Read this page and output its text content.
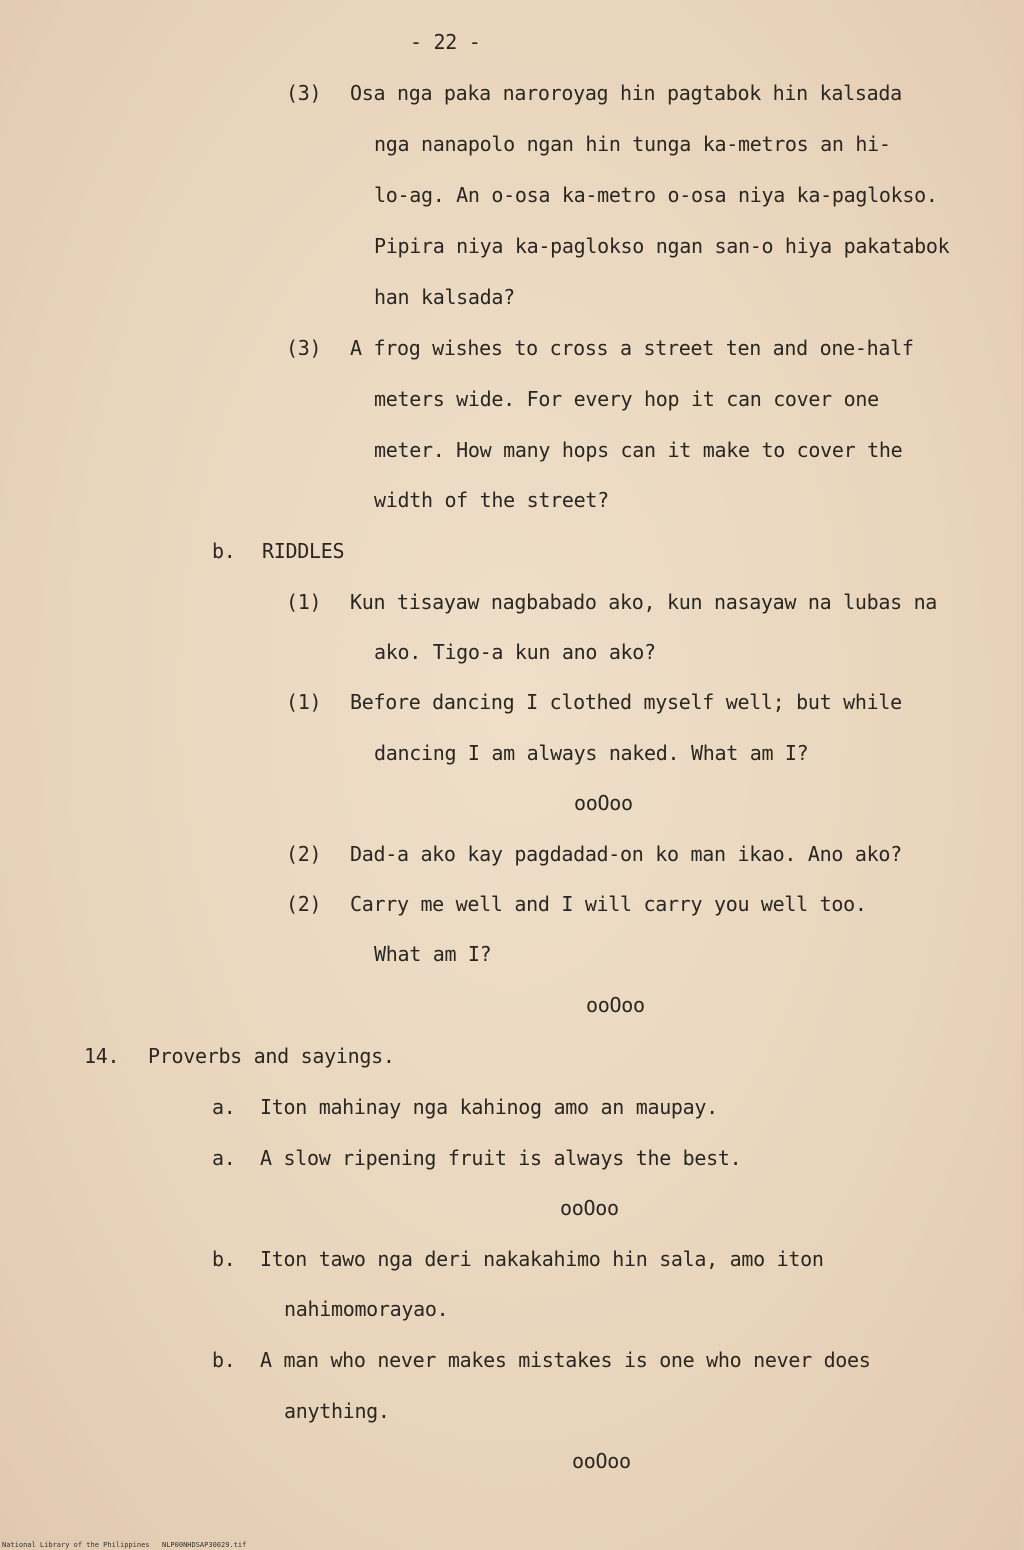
- 22 -
(3) Osa nga paka naroroyag hin pagtabok hin kalsada
nga nanapolo ngan hin tunga ka-metros an hi-
lo-ag. An o-osa ka-metro o-osa niya ka-paglokso.
Pipira niya ka-paglokso ngan san-o hiya pakatabok
han kalsada?
(3) A frog wishes to cross a street ten and one-half
meters wide. For every hop it can cover one
meter. How many hops can it make to cover the
width of the street?
b. RIDDLES
(1) Kun tisayaw nagbabado ako, kun nasayaw na lubas na
ako. Tigo-a kun ano ako?
(1) Before dancing I clothed myself well; but while
dancing I am always naked. What am I?
ooOoo
(2) Dad-a ako kay pagdadad-on ko man ikao. Ano ako?
(2) Carry me well and I will carry you well too.
What am I?
ooOoo
14. Proverbs and sayings.
a. Iton mahinay nga kahinog amo an maupay.
a. A slow ripening fruit is always the best.
ooOoo
b. Iton tawo nga deri nakakahimo hin sala, amo iton
nahimomorayao.
b. A man who never makes mistakes is one who never does
anything.
ooOoo
National Library of the Philippines NLP00NHDSAP30029.tif
